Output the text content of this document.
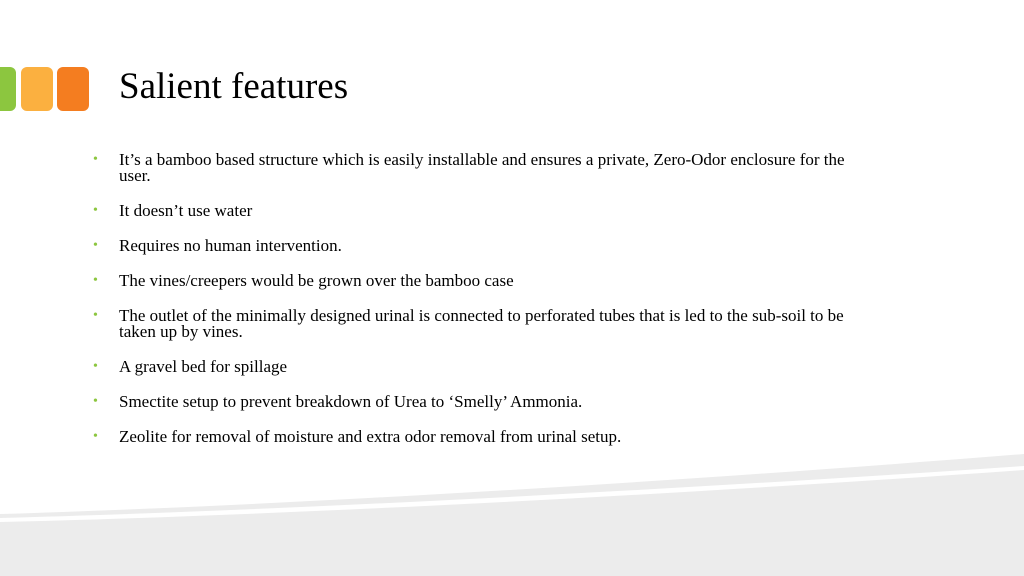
Salient features
• It’s a bamboo based structure which is easily installable and ensures a private, Zero-Odor enclosure for the user.
• It doesn’t use water
• Requires no human intervention.
• The vines/creepers would be grown over the bamboo case
• The outlet of the minimally designed urinal is connected to perforated tubes that is led to the sub-soil to be taken up by vines.
• A gravel bed for spillage
• Smectite setup to prevent breakdown of Urea to ‘Smelly’ Ammonia.
• Zeolite for removal of moisture and extra odor removal from urinal setup.
